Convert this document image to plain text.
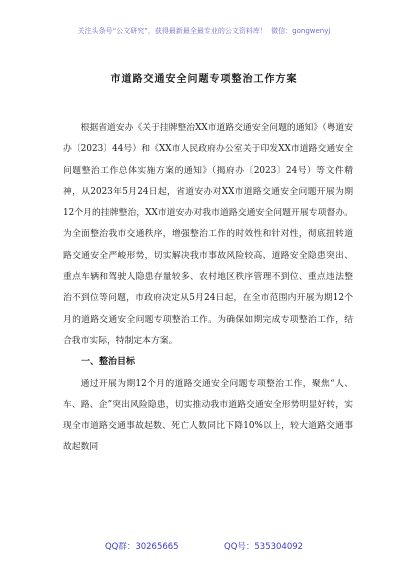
关注头条号“公文研究”，获得最新最全最专业的公文资料库！ 微信：gongwenyj
市道路交通安全问题专项整治工作方案

根据省道安办《关于挂牌整治XX市道路交通安全问题的通知》（粤道安办〔2023〕44号）和《XX市人民政府办公室关于印发XX市道路交通安全问题整治工作总体实施方案的通知》（揭府办〔2023〕24号）等文件精神，从2023年5月24日起，省道安办对XX市道路交通安全问题开展为期12个月的挂牌整治，XX市道安办对我市道路交通安全问题开展专项督办。为全面整治我市交通秩序，增强整治工作的时效性和针对性，彻底扭转道路交通安全严峻形势，切实解决我市事故风险较高、道路安全隐患突出、重点车辆和驾驶人隐患存量较多、农村地区秩序管理不到位、重点违法整治不到位等问题，市政府决定从5月24日起，在全市范围内开展为期12个月的道路交通安全问题专项整治工作。为确保如期完成专项整治工作，结合我市实际，特制定本方案。

一、整治目标

通过开展为期12个月的道路交通安全问题专项整治工作，聚焦“人、车、路、企”突出风险隐患，切实推动我市道路交通安全形势明显好转，实现全市道路交通事故起数、死亡人数同比下降10%以上，较大道路交通事故起数同

QQ群：30265665	QQ号：535304092
